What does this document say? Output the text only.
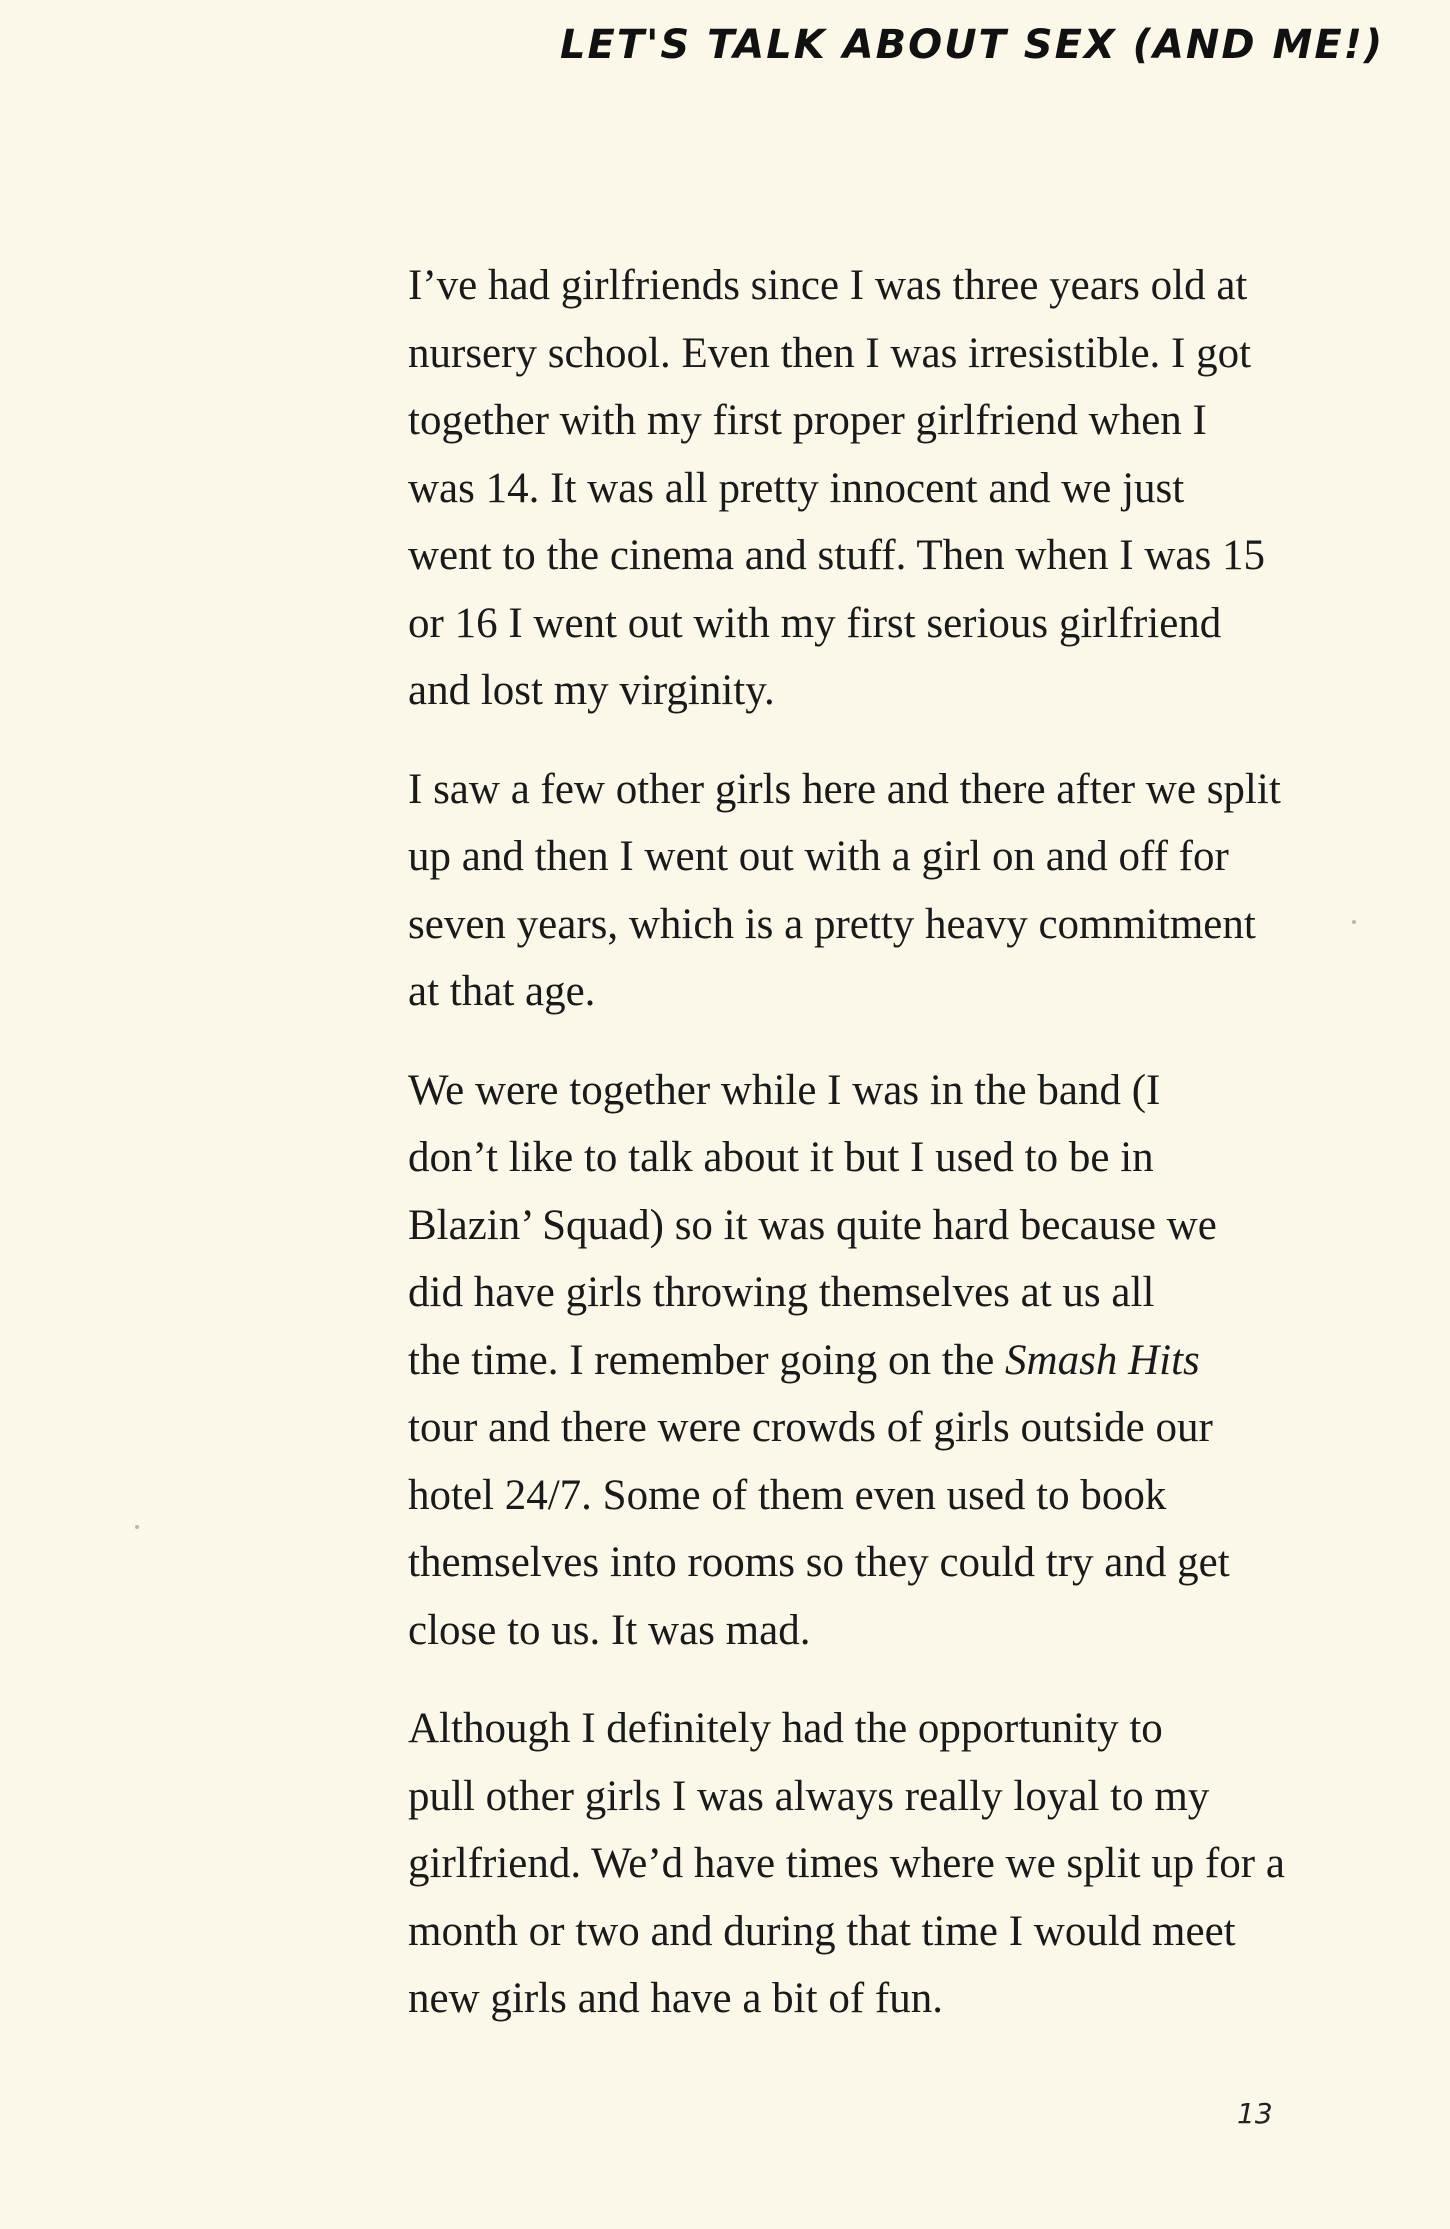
LET'S TALK ABOUT SEX (AND ME!)

I’ve had girlfriends since I was three years old at
nursery school. Even then I was irresistible. I got
together with my first proper girlfriend when I
was 14. It was all pretty innocent and we just
went to the cinema and stuff. Then when I was 15
or 16 I went out with my first serious girlfriend
and lost my virginity.

I saw a few other girls here and there after we split
up and then I went out with a girl on and off for
seven years, which is a pretty heavy commitment
at that age.

We were together while I was in the band (I
don’t like to talk about it but I used to be in
Blazin’ Squad) so it was quite hard because we
did have girls throwing themselves at us all
the time. I remember going on the Smash Hits
tour and there were crowds of girls outside our
hotel 24/7. Some of them even used to book
themselves into rooms so they could try and get
close to us. It was mad.

Although I definitely had the opportunity to
pull other girls I was always really loyal to my
girlfriend. We’d have times where we split up for a
month or two and during that time I would meet
new girls and have a bit of fun.

13
